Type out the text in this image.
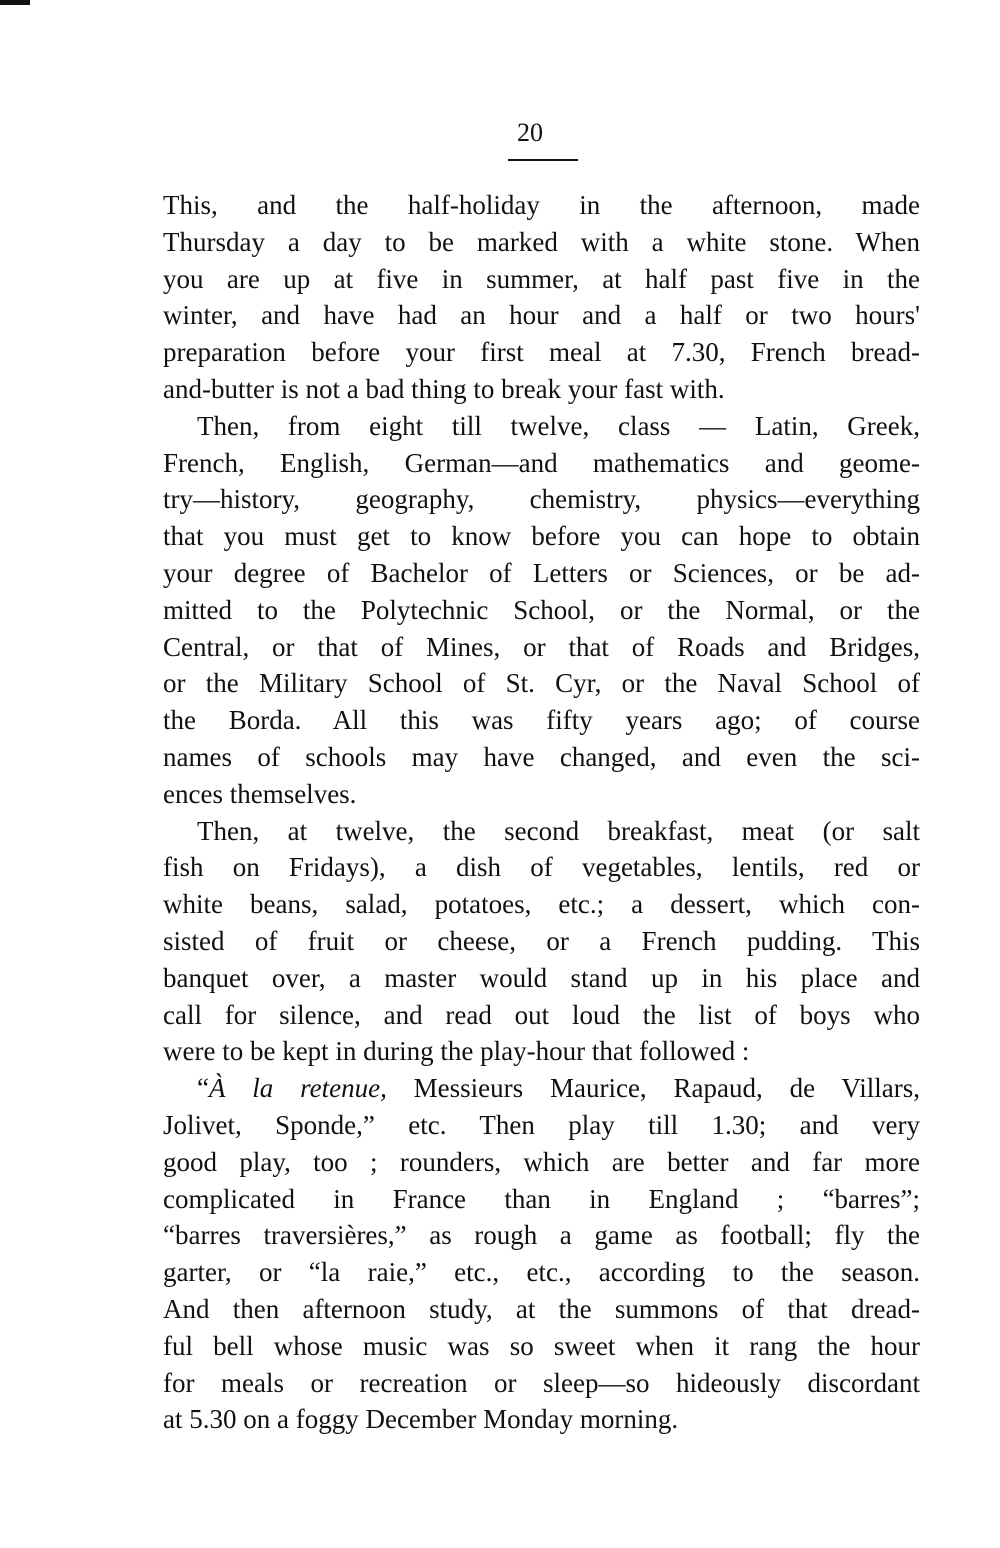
20
This, and the half-holiday in the afternoon, made
Thursday a day to be marked with a white stone. When
you are up at five in summer, at half past five in the
winter, and have had an hour and a half or two hours'
preparation before your first meal at 7.30, French bread-
and-butter is not a bad thing to break your fast with.
Then, from eight till twelve, class — Latin, Greek,
French, English, German—and mathematics and geome-
try—history, geography, chemistry, physics—everything
that you must get to know before you can hope to obtain
your degree of Bachelor of Letters or Sciences, or be ad-
mitted to the Polytechnic School, or the Normal, or the
Central, or that of Mines, or that of Roads and Bridges,
or the Military School of St. Cyr, or the Naval School of
the Borda. All this was fifty years ago; of course
names of schools may have changed, and even the sci-
ences themselves.
Then, at twelve, the second breakfast, meat (or salt
fish on Fridays), a dish of vegetables, lentils, red or
white beans, salad, potatoes, etc.; a dessert, which con-
sisted of fruit or cheese, or a French pudding. This
banquet over, a master would stand up in his place and
call for silence, and read out loud the list of boys who
were to be kept in during the play-hour that followed :
“À la retenue, Messieurs Maurice, Rapaud, de Villars,
Jolivet, Sponde,” etc. Then play till 1.30; and very
good play, too ; rounders, which are better and far more
complicated in France than in England ; “barres”;
“barres traversières,” as rough a game as football; fly the
garter, or “la raie,” etc., etc., according to the season.
And then afternoon study, at the summons of that dread-
ful bell whose music was so sweet when it rang the hour
for meals or recreation or sleep—so hideously discordant
at 5.30 on a foggy December Monday morning.
